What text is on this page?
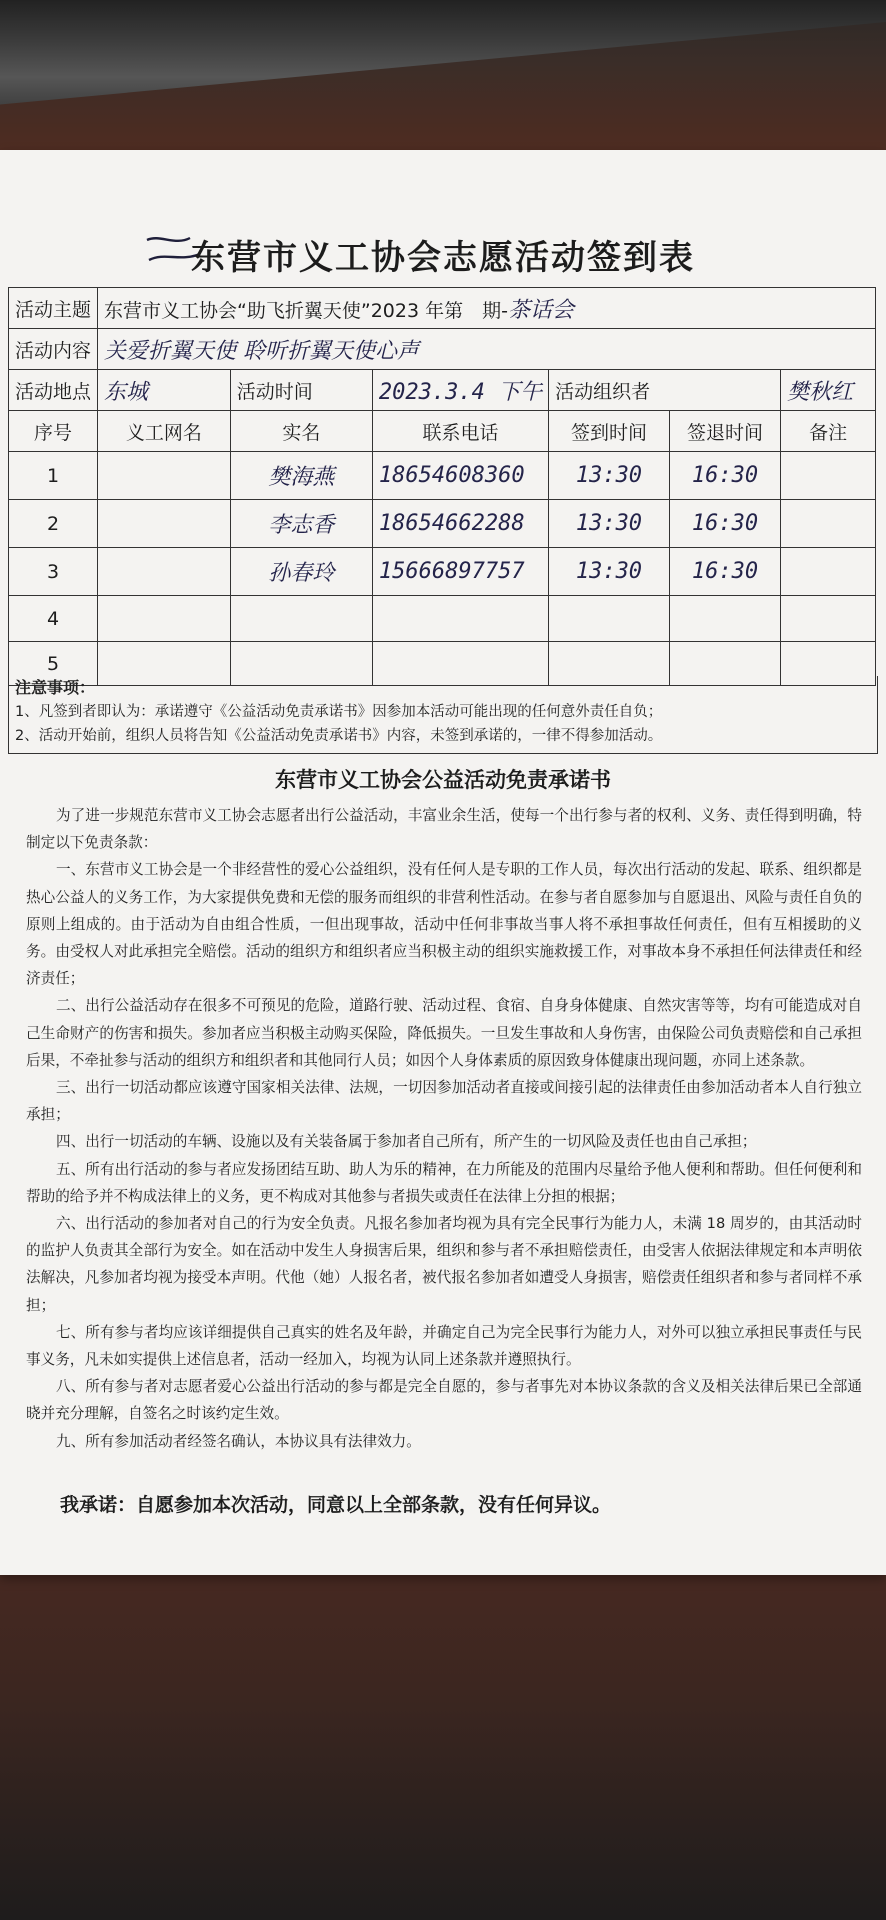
东营市义工协会志愿活动签到表
活动主题	东营市义工协会“助飞折翼天使”2023 年第　期-茶话会					
活动内容	关爱折翼天使 聆听折翼天使心声					
活动地点	东城	活动时间	2023.3.4 下午	活动组织者		樊秋红
序号	义工网名	实名	联系电话	签到时间	签退时间	备注
1		樊海燕	18654608360	13:30	16:30	
2		李志香	18654662288	13:30	16:30	
3		孙春玲	15666897757	13:30	16:30	
4						
5						
注意事项：
1、凡签到者即认为：承诺遵守《公益活动免责承诺书》因参加本活动可能出现的任何意外责任自负；
2、活动开始前，组织人员将告知《公益活动免责承诺书》内容，未签到承诺的，一律不得参加活动。
东营市义工协会公益活动免责承诺书

为了进一步规范东营市义工协会志愿者出行公益活动，丰富业余生活，使每一个出行参与者的权利、义务、责任得到明确，特制定以下免责条款：

一、东营市义工协会是一个非经营性的爱心公益组织，没有任何人是专职的工作人员，每次出行活动的发起、联系、组织都是热心公益人的义务工作，为大家提供免费和无偿的服务而组织的非营利性活动。在参与者自愿参加与自愿退出、风险与责任自负的原则上组成的。由于活动为自由组合性质，一但出现事故，活动中任何非事故当事人将不承担事故任何责任，但有互相援助的义务。由受权人对此承担完全赔偿。活动的组织方和组织者应当积极主动的组织实施救援工作，对事故本身不承担任何法律责任和经济责任；

二、出行公益活动存在很多不可预见的危险，道路行驶、活动过程、食宿、自身身体健康、自然灾害等等，均有可能造成对自己生命财产的伤害和损失。参加者应当积极主动购买保险，降低损失。一旦发生事故和人身伤害，由保险公司负责赔偿和自己承担后果，不牵扯参与活动的组织方和组织者和其他同行人员；如因个人身体素质的原因致身体健康出现问题，亦同上述条款。

三、出行一切活动都应该遵守国家相关法律、法规，一切因参加活动者直接或间接引起的法律责任由参加活动者本人自行独立承担；

四、出行一切活动的车辆、设施以及有关装备属于参加者自己所有，所产生的一切风险及责任也由自己承担；

五、所有出行活动的参与者应发扬团结互助、助人为乐的精神，在力所能及的范围内尽量给予他人便利和帮助。但任何便利和帮助的给予并不构成法律上的义务，更不构成对其他参与者损失或责任在法律上分担的根据；

六、出行活动的参加者对自己的行为安全负责。凡报名参加者均视为具有完全民事行为能力人，未满 18 周岁的，由其活动时的监护人负责其全部行为安全。如在活动中发生人身损害后果，组织和参与者不承担赔偿责任，由受害人依据法律规定和本声明依法解决，凡参加者均视为接受本声明。代他（她）人报名者，被代报名参加者如遭受人身损害，赔偿责任组织者和参与者同样不承担；

七、所有参与者均应该详细提供自己真实的姓名及年龄，并确定自己为完全民事行为能力人，对外可以独立承担民事责任与民事义务，凡未如实提供上述信息者，活动一经加入，均视为认同上述条款并遵照执行。

八、所有参与者对志愿者爱心公益出行活动的参与都是完全自愿的，参与者事先对本协议条款的含义及相关法律后果已全部通晓并充分理解，自签名之时该约定生效。

九、所有参加活动者经签名确认，本协议具有法律效力。

我承诺：自愿参加本次活动，同意以上全部条款，没有任何异议。
